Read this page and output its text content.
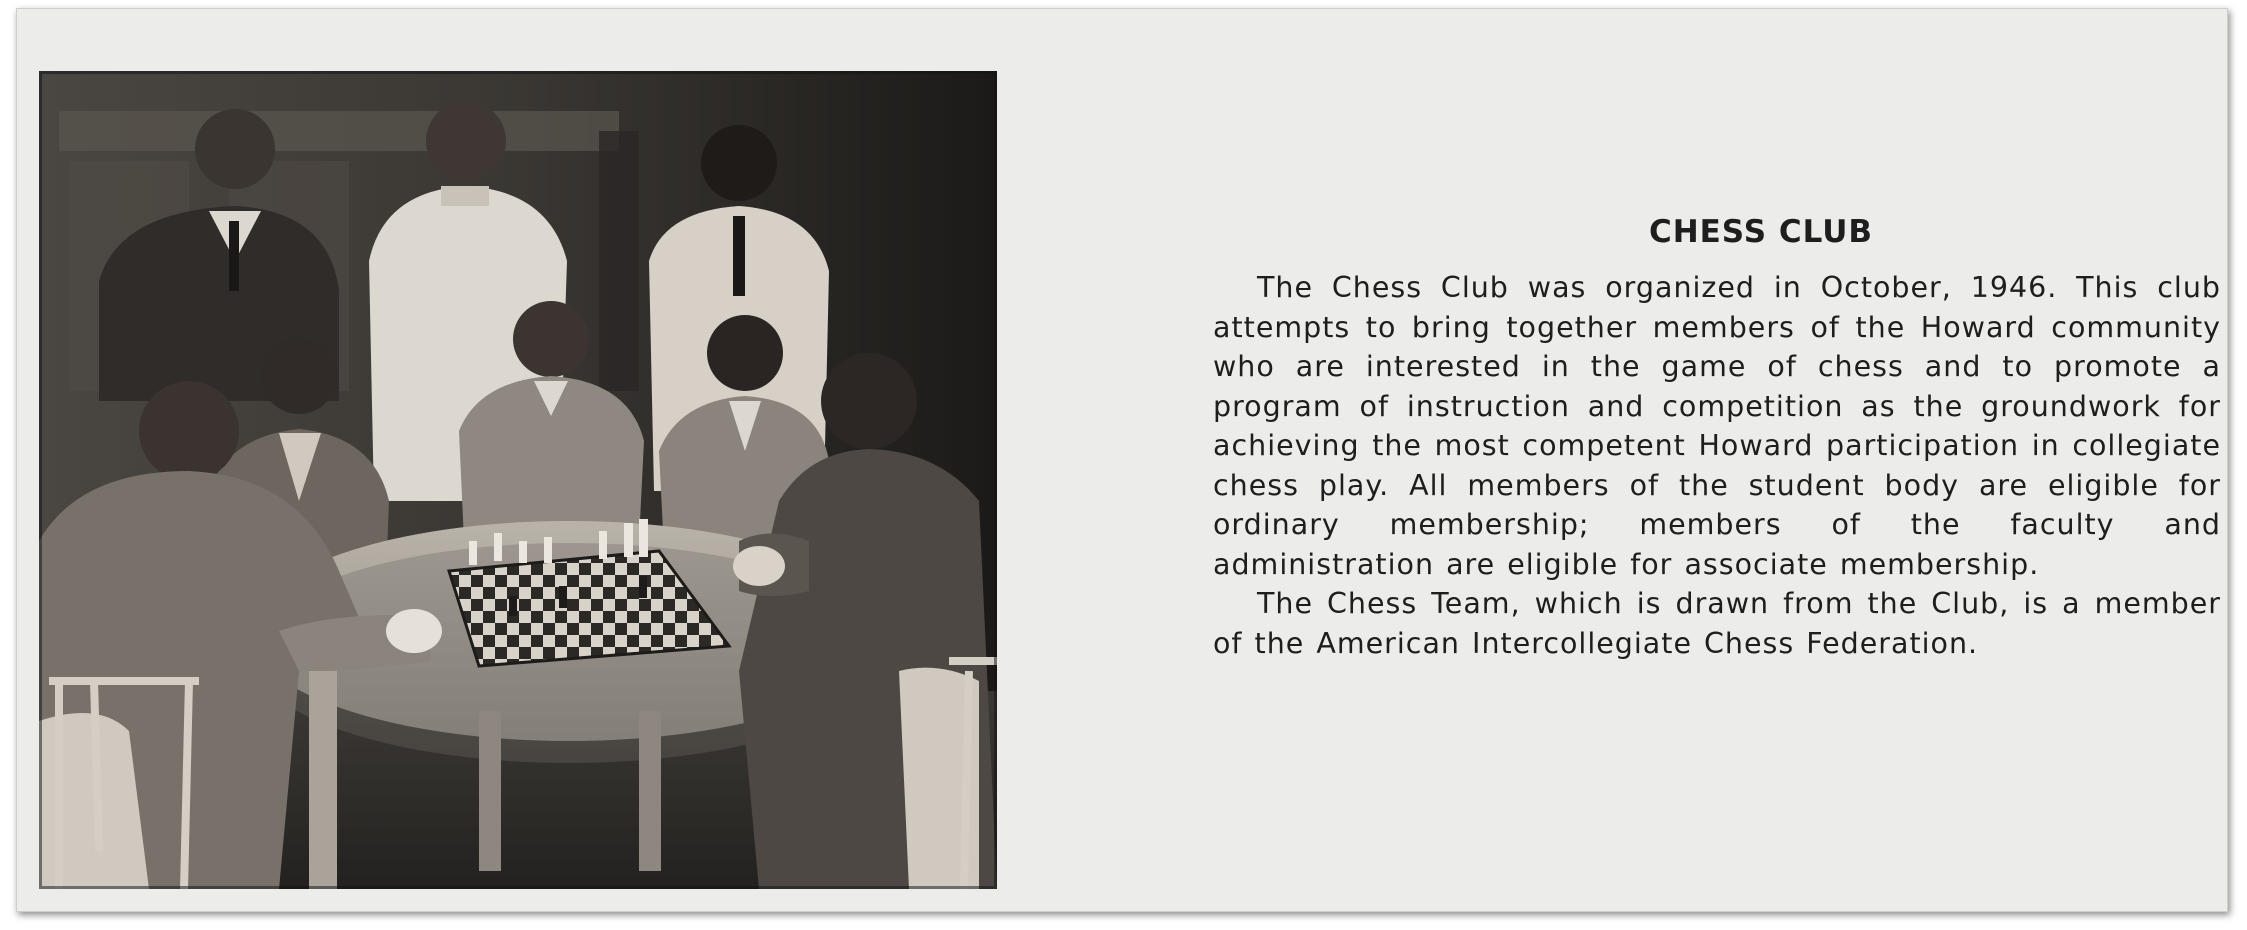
CHESS CLUB

The Chess Club was organized in October, 1946. This club attempts to bring together members of the Howard community who are interested in the game of chess and to promote a program of instruction and competition as the groundwork for achieving the most competent Howard participation in collegiate chess play. All members of the student body are eligible for ordinary membership; members of the faculty and administration are eligible for associate membership.

The Chess Team, which is drawn from the Club, is a member of the American Intercollegiate Chess Federation.
